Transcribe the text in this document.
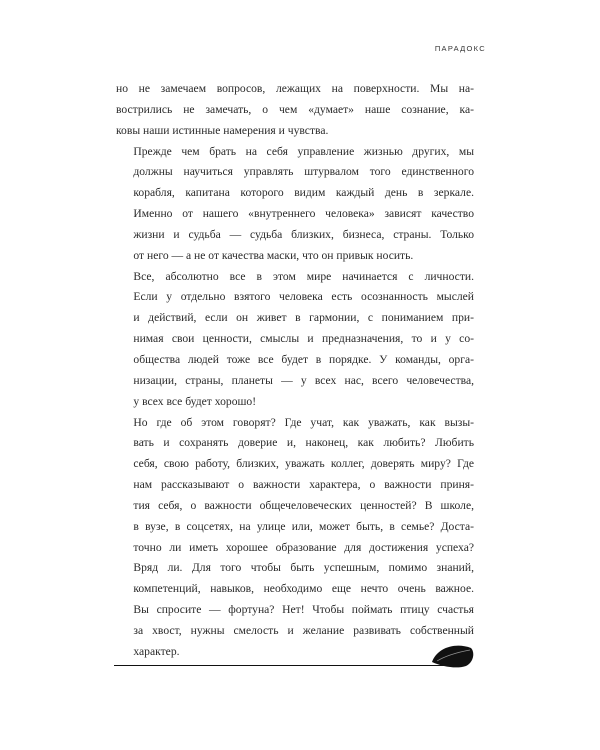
ПАРАДОКС

но не замечаем вопросов, лежащих на поверхности. Мы на-
вострились не замечать, о чем «думает» наше сознание, ка-
ковы наши истинные намерения и чувства.

Прежде чем брать на себя управление жизнью других, мы
должны научиться управлять штурвалом того единственного
корабля, капитана которого видим каждый день в зеркале.
Именно от нашего «внутреннего человека» зависят качество
жизни и судьба — судьба близких, бизнеса, страны. Только
от него — а не от качества маски, что он привык носить.

Все, абсолютно все в этом мире начинается с личности.
Если у отдельно взятого человека есть осознанность мыслей
и действий, если он живет в гармонии, с пониманием при-
нимая свои ценности, смыслы и предназначения, то и у со-
общества людей тоже все будет в порядке. У команды, орга-
низации, страны, планеты — у всех нас, всего человечества,
у всех все будет хорошо!

Но где об этом говорят? Где учат, как уважать, как вызы-
вать и сохранять доверие и, наконец, как любить? Любить
себя, свою работу, близких, уважать коллег, доверять миру? Где
нам рассказывают о важности характера, о важности приня-
тия себя, о важности общечеловеческих ценностей? В школе,
в вузе, в соцсетях, на улице или, может быть, в семье? Доста-
точно ли иметь хорошее образование для достижения успеха?
Вряд ли. Для того чтобы быть успешным, помимо знаний,
компетенций, навыков, необходимо еще нечто очень важное.
Вы спросите — фортуна? Нет! Чтобы поймать птицу счастья
за хвост, нужны смелость и желание развивать собственный
характер.
